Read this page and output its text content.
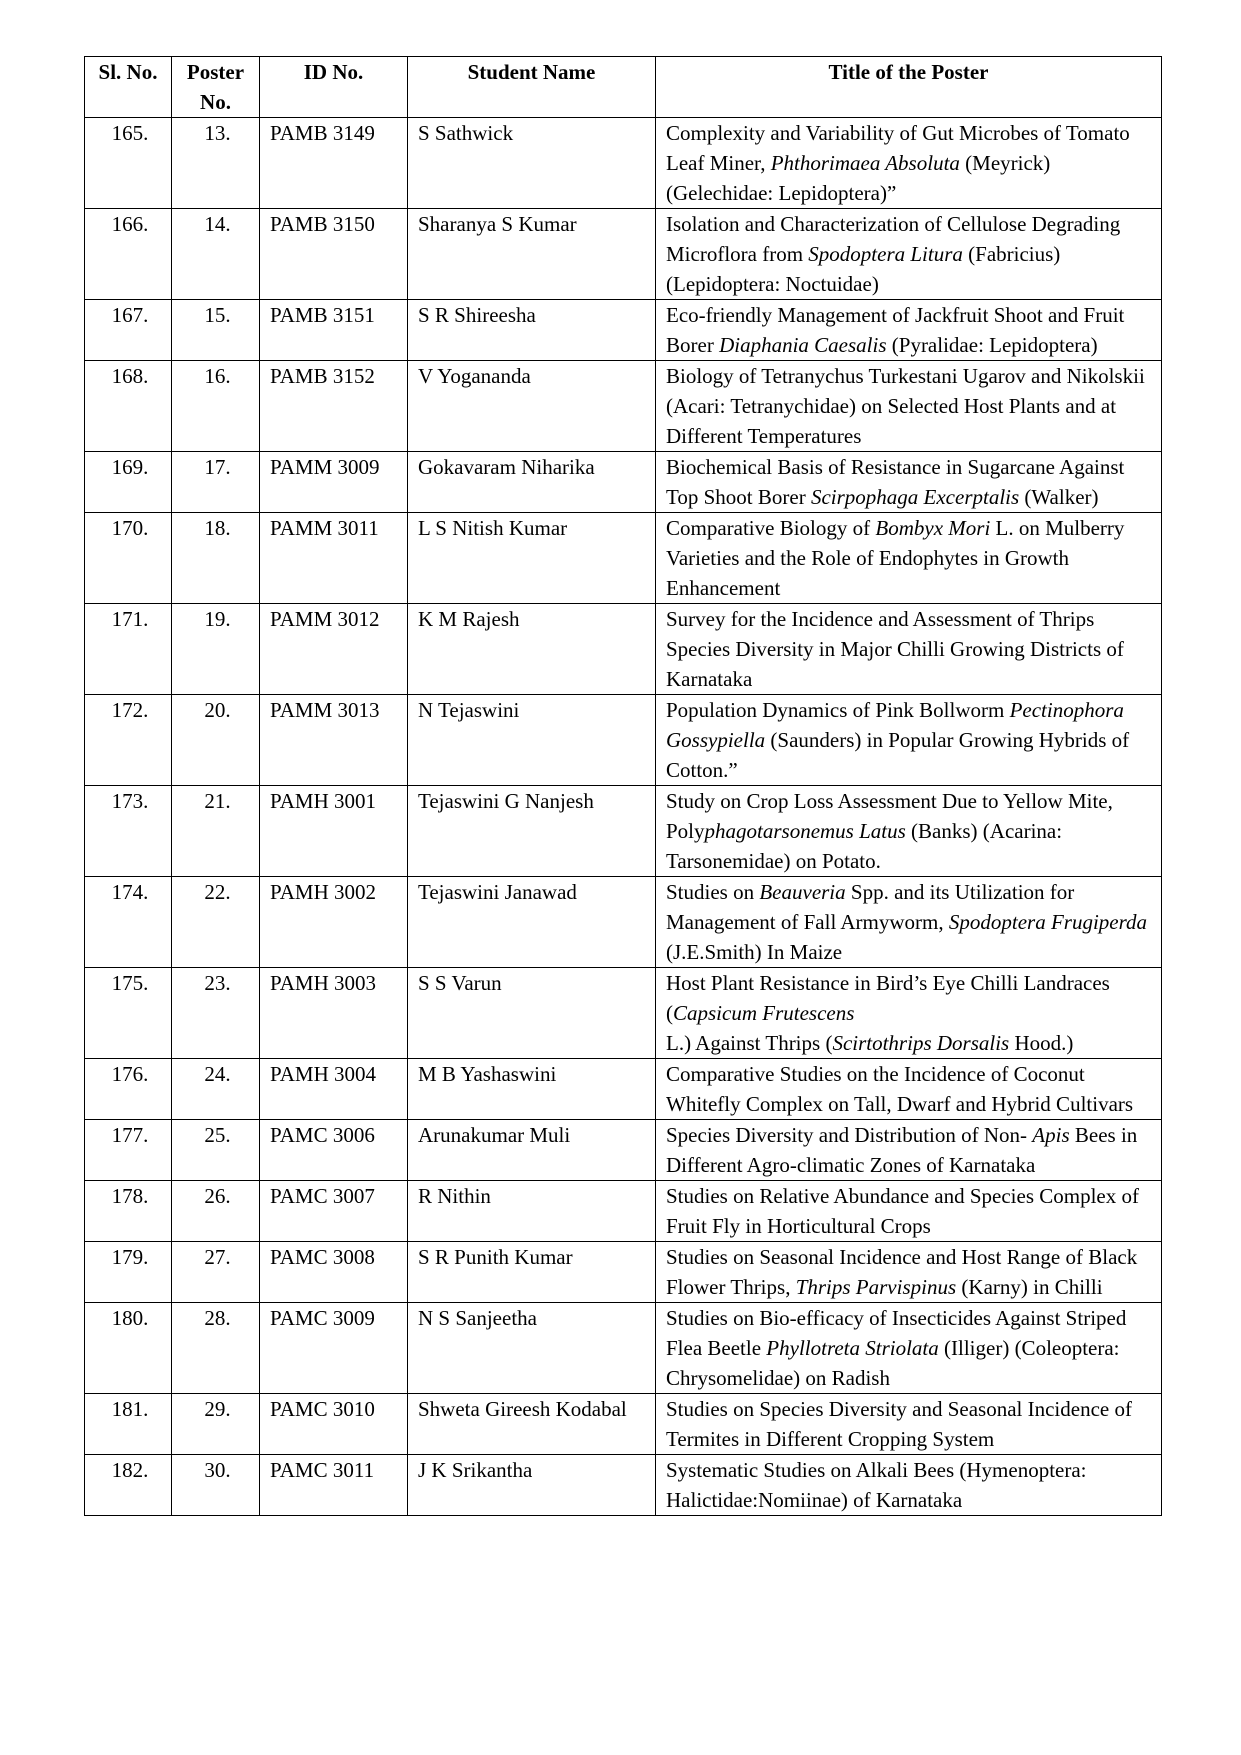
Sl. No.	Poster No.	ID No.	Student Name	Title of the Poster
165.	13.	PAMB 3149	S Sathwick	Complexity and Variability of Gut Microbes of Tomato Leaf Miner, Phthorimaea Absoluta (Meyrick) (Gelechidae: Lepidoptera)”
166.	14.	PAMB 3150	Sharanya S Kumar	Isolation and Characterization of Cellulose Degrading Microflora from Spodoptera Litura (Fabricius) (Lepidoptera: Noctuidae)
167.	15.	PAMB 3151	S R Shireesha	Eco-friendly Management of Jackfruit Shoot and Fruit Borer Diaphania Caesalis (Pyralidae: Lepidoptera)
168.	16.	PAMB 3152	V Yogananda	Biology of Tetranychus Turkestani Ugarov and Nikolskii (Acari: Tetranychidae) on Selected Host Plants and at Different Temperatures
169.	17.	PAMM 3009	Gokavaram Niharika	Biochemical Basis of Resistance in Sugarcane Against Top Shoot Borer Scirpophaga Excerptalis (Walker)
170.	18.	PAMM 3011	L S Nitish Kumar	Comparative Biology of Bombyx Mori L. on Mulberry Varieties and the Role of Endophytes in Growth Enhancement
171.	19.	PAMM 3012	K M Rajesh	Survey for the Incidence and Assessment of Thrips Species Diversity in Major Chilli Growing Districts of Karnataka
172.	20.	PAMM 3013	N Tejaswini	Population Dynamics of Pink Bollworm Pectinophora Gossypiella (Saunders) in Popular Growing Hybrids of Cotton.”
173.	21.	PAMH 3001	Tejaswini G Nanjesh	Study on Crop Loss Assessment Due to Yellow Mite, Polyphagotarsonemus Latus (Banks) (Acarina: Tarsonemidae) on Potato.
174.	22.	PAMH 3002	Tejaswini Janawad	Studies on Beauveria Spp. and its Utilization for Management of Fall Armyworm, Spodoptera Frugiperda (J.E.Smith) In Maize
175.	23.	PAMH 3003	S S Varun	Host Plant Resistance in Bird’s Eye Chilli Landraces (Capsicum Frutescens
L.) Against Thrips (Scirtothrips Dorsalis Hood.)
176.	24.	PAMH 3004	M B Yashaswini	Comparative Studies on the Incidence of Coconut Whitefly Complex on Tall, Dwarf and Hybrid Cultivars
177.	25.	PAMC 3006	Arunakumar Muli	Species Diversity and Distribution of Non- Apis Bees in Different Agro-climatic Zones of Karnataka
178.	26.	PAMC 3007	R Nithin	Studies on Relative Abundance and Species Complex of Fruit Fly in Horticultural Crops
179.	27.	PAMC 3008	S R Punith Kumar	Studies on Seasonal Incidence and Host Range of Black Flower Thrips, Thrips Parvispinus (Karny) in Chilli
180.	28.	PAMC 3009	N S Sanjeetha	Studies on Bio-efficacy of Insecticides Against Striped Flea Beetle Phyllotreta Striolata (Illiger) (Coleoptera: Chrysomelidae) on Radish
181.	29.	PAMC 3010	Shweta Gireesh Kodabal	Studies on Species Diversity and Seasonal Incidence of Termites in Different Cropping System
182.	30.	PAMC 3011	J K Srikantha	Systematic Studies on Alkali Bees (Hymenoptera: Halictidae:Nomiinae) of Karnataka
